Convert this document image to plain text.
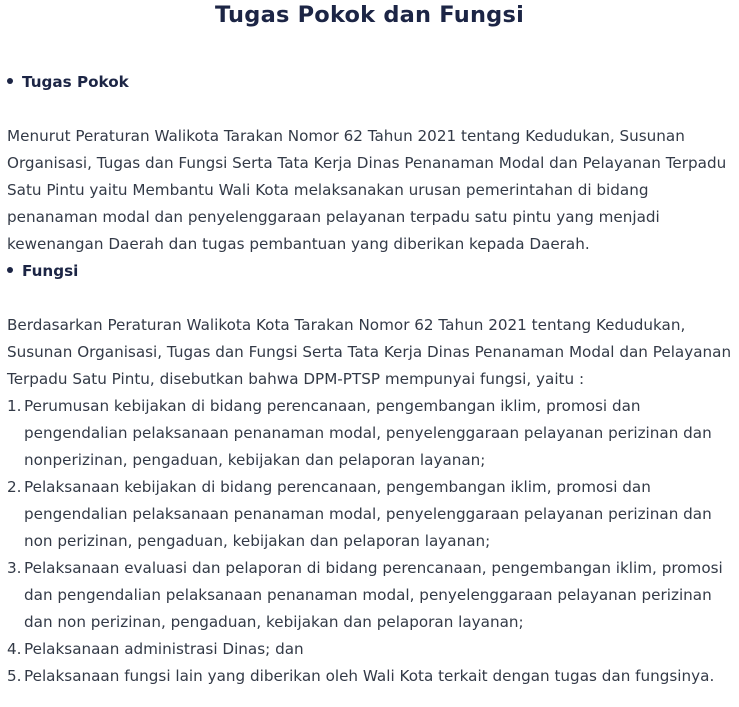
Tugas Pokok dan Fungsi
Tugas Pokok

Menurut Peraturan Walikota Tarakan Nomor 62 Tahun 2021 tentang Kedudukan, Susunan Organisasi, Tugas dan Fungsi Serta Tata Kerja Dinas Penanaman Modal dan Pelayanan Terpadu Satu Pintu yaitu Membantu Wali Kota melaksanakan urusan pemerintahan di bidang penanaman modal dan penyelenggaraan pelayanan terpadu satu pintu yang menjadi kewenangan Daerah dan tugas pembantuan yang diberikan kepada Daerah.

Fungsi

Berdasarkan Peraturan Walikota Kota Tarakan Nomor 62 Tahun 2021 tentang Kedudukan, Susunan Organisasi, Tugas dan Fungsi Serta Tata Kerja Dinas Penanaman Modal dan Pelayanan Terpadu Satu Pintu, disebutkan bahwa DPM-PTSP mempunyai fungsi, yaitu :

1. Perumusan kebijakan di bidang perencanaan, pengembangan iklim, promosi dan pengendalian pelaksanaan penanaman modal, penyelenggaraan pelayanan perizinan dan nonperizinan, pengaduan, kebijakan dan pelaporan layanan;
2. Pelaksanaan kebijakan di bidang perencanaan, pengembangan iklim, promosi dan pengendalian pelaksanaan penanaman modal, penyelenggaraan pelayanan perizinan dan non perizinan, pengaduan, kebijakan dan pelaporan layanan;
3. Pelaksanaan evaluasi dan pelaporan di bidang perencanaan, pengembangan iklim, promosi dan pengendalian pelaksanaan penanaman modal, penyelenggaraan pelayanan perizinan dan non perizinan, pengaduan, kebijakan dan pelaporan layanan;
4. Pelaksanaan administrasi Dinas; dan
5. Pelaksanaan fungsi lain yang diberikan oleh Wali Kota terkait dengan tugas dan fungsinya.
